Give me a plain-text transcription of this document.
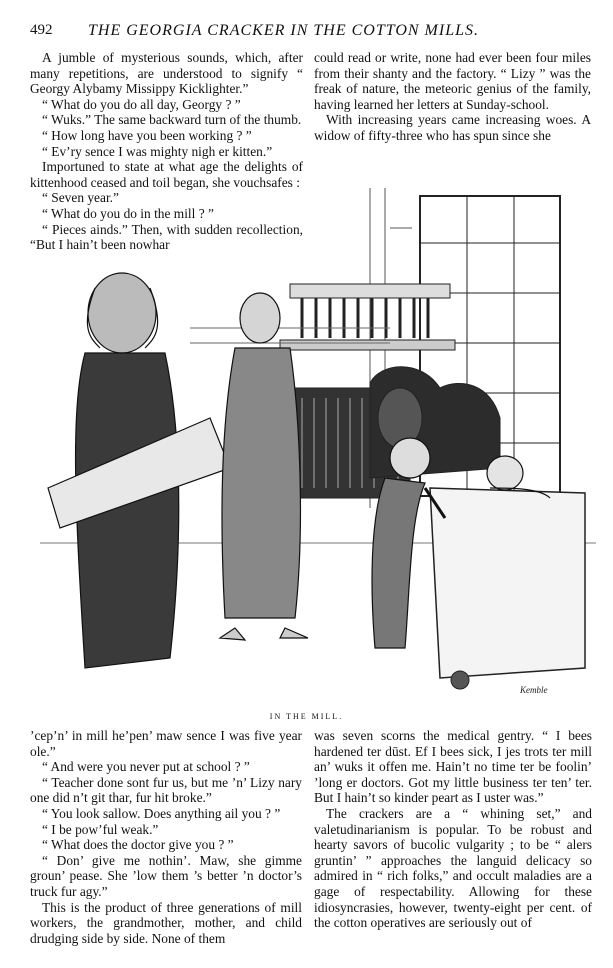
492 THE GEORGIA CRACKER IN THE COTTON MILLS.

A jumble of mysterious sounds, which, after many repetitions, are understood to signify “ Georgy Alybamy Missippy Kicklighter.”

“ What do you do all day, Georgy ? ”

“ Wuks.” The same backward turn of the thumb.

“ How long have you been working ? ”

“ Ev’ry sence I was mighty nigh er kitten.”

Importuned to state at what age the delights of kittenhood ceased and toil began, she vouchsafes :

“ Seven year.”

“ What do you do in the mill ? ”

“ Pieces ainds.” Then, with sudden recollection, “But I hain’t been nowhar

could read or write, none had ever been four miles from their shanty and the factory. “ Lizy ” was the freak of nature, the meteoric genius of the family, having learned her letters at Sunday-school.

With increasing years came increasing woes. A widow of fifty-three who has spun since she

Kemble
IN THE MILL.

’cep’n’ in mill he’pen’ maw sence I was five year ole.”

“ And were you never put at school ? ”

“ Teacher done sont fur us, but me ’n’ Lizy nary one did n’t git thar, fur hit broke.”

“ You look sallow. Does anything ail you ? ”

“ I be pow’ful weak.”

“ What does the doctor give you ? ”

“ Don’ give me nothin’. Maw, she gimme groun’ pease. She ’low them ’s better ’n doctor’s truck fur agy.”

This is the product of three generations of mill workers, the grandmother, mother, and child drudging side by side. None of them

was seven scorns the medical gentry. “ I bees hardened ter dūst. Ef I bees sick, I jes trots ter mill an’ wuks it offen me. Hain’t no time ter be foolin’ ’long er doctors. Got my little business ter ten’ ter. But I hain’t so kinder peart as I uster was.”

The crackers are a “ whining set,” and valetudinarianism is popular. To be robust and hearty savors of bucolic vulgarity ; to be “ alers gruntin’ ” approaches the languid delicacy so admired in “ rich folks,” and occult maladies are a gage of respectability. Allowing for these idiosyncrasies, however, twenty-eight per cent. of the cotton operatives are seriously out of
